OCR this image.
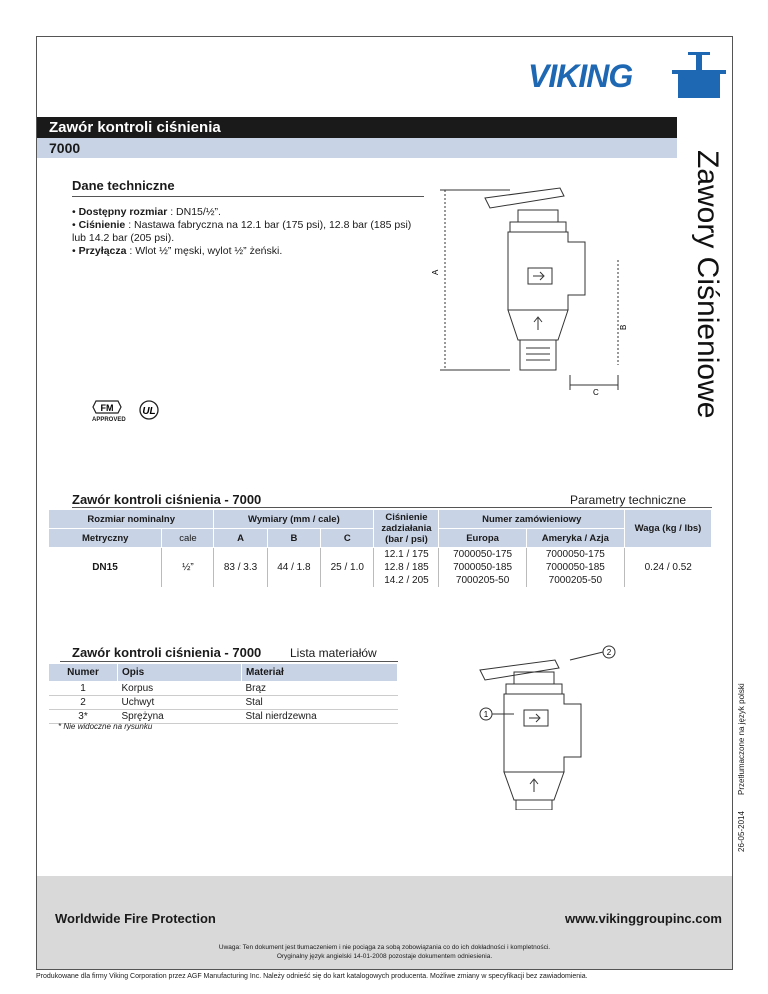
VIKING
Zawór kontroli ciśnienia
7000
Zawory Ciśnieniowe
Dane techniczne
• Dostępny rozmiar : DN15/½”.
• Ciśnienie : Nastawa fabryczna na 12.1 bar (175 psi), 12.8 bar (185 psi) lub 14.2 bar (205 psi).
• Przyłącza : Wlot ½” męski, wylot ½” żeński.
FM
APPROVED
UL
A
B
C
Zawór kontroli ciśnienia - 7000	Parametry techniczne
Rozmiar nominalny		Wymiary (mm / cale)			Ciśnienie zadziałania (bar / psi)	Numer zamówieniowy		Waga (kg / lbs)
Metryczny	cale	A	B	C		Europa	Ameryka / Azja	
DN15	½”	83 / 3.3	44 / 1.8	25 / 1.0	12.1 / 175	7000050-175	7000050-175	0.24 / 0.52
					12.8 / 185	7000050-185	7000050-185	
					14.2 / 205	7000205-50	7000205-50	
Zawór kontroli ciśnienia - 7000 Lista materiałów
Numer	Opis	Materiał
1	Korpus	Brąz
2	Uchwyt	Stal
3*	Sprężyna	Stal nierdzewna
* Nie widoczne na rysunku
2
1
26-05-2014
Przetłumaczone na język polski
Worldwide Fire Protection	www.vikinggroupinc.com
Uwaga: Ten dokument jest tłumaczeniem i nie pociąga za sobą zobowiązania co do ich dokładności i kompletności.
Oryginalny język angielski 14-01-2008 pozostaje dokumentem odniesienia.
Produkowane dla firmy Viking Corporation przez AGF Manufacturing Inc. Należy odnieść się do kart katalogowych producenta. Możliwe zmiany w specyfikacji bez zawiadomienia.
